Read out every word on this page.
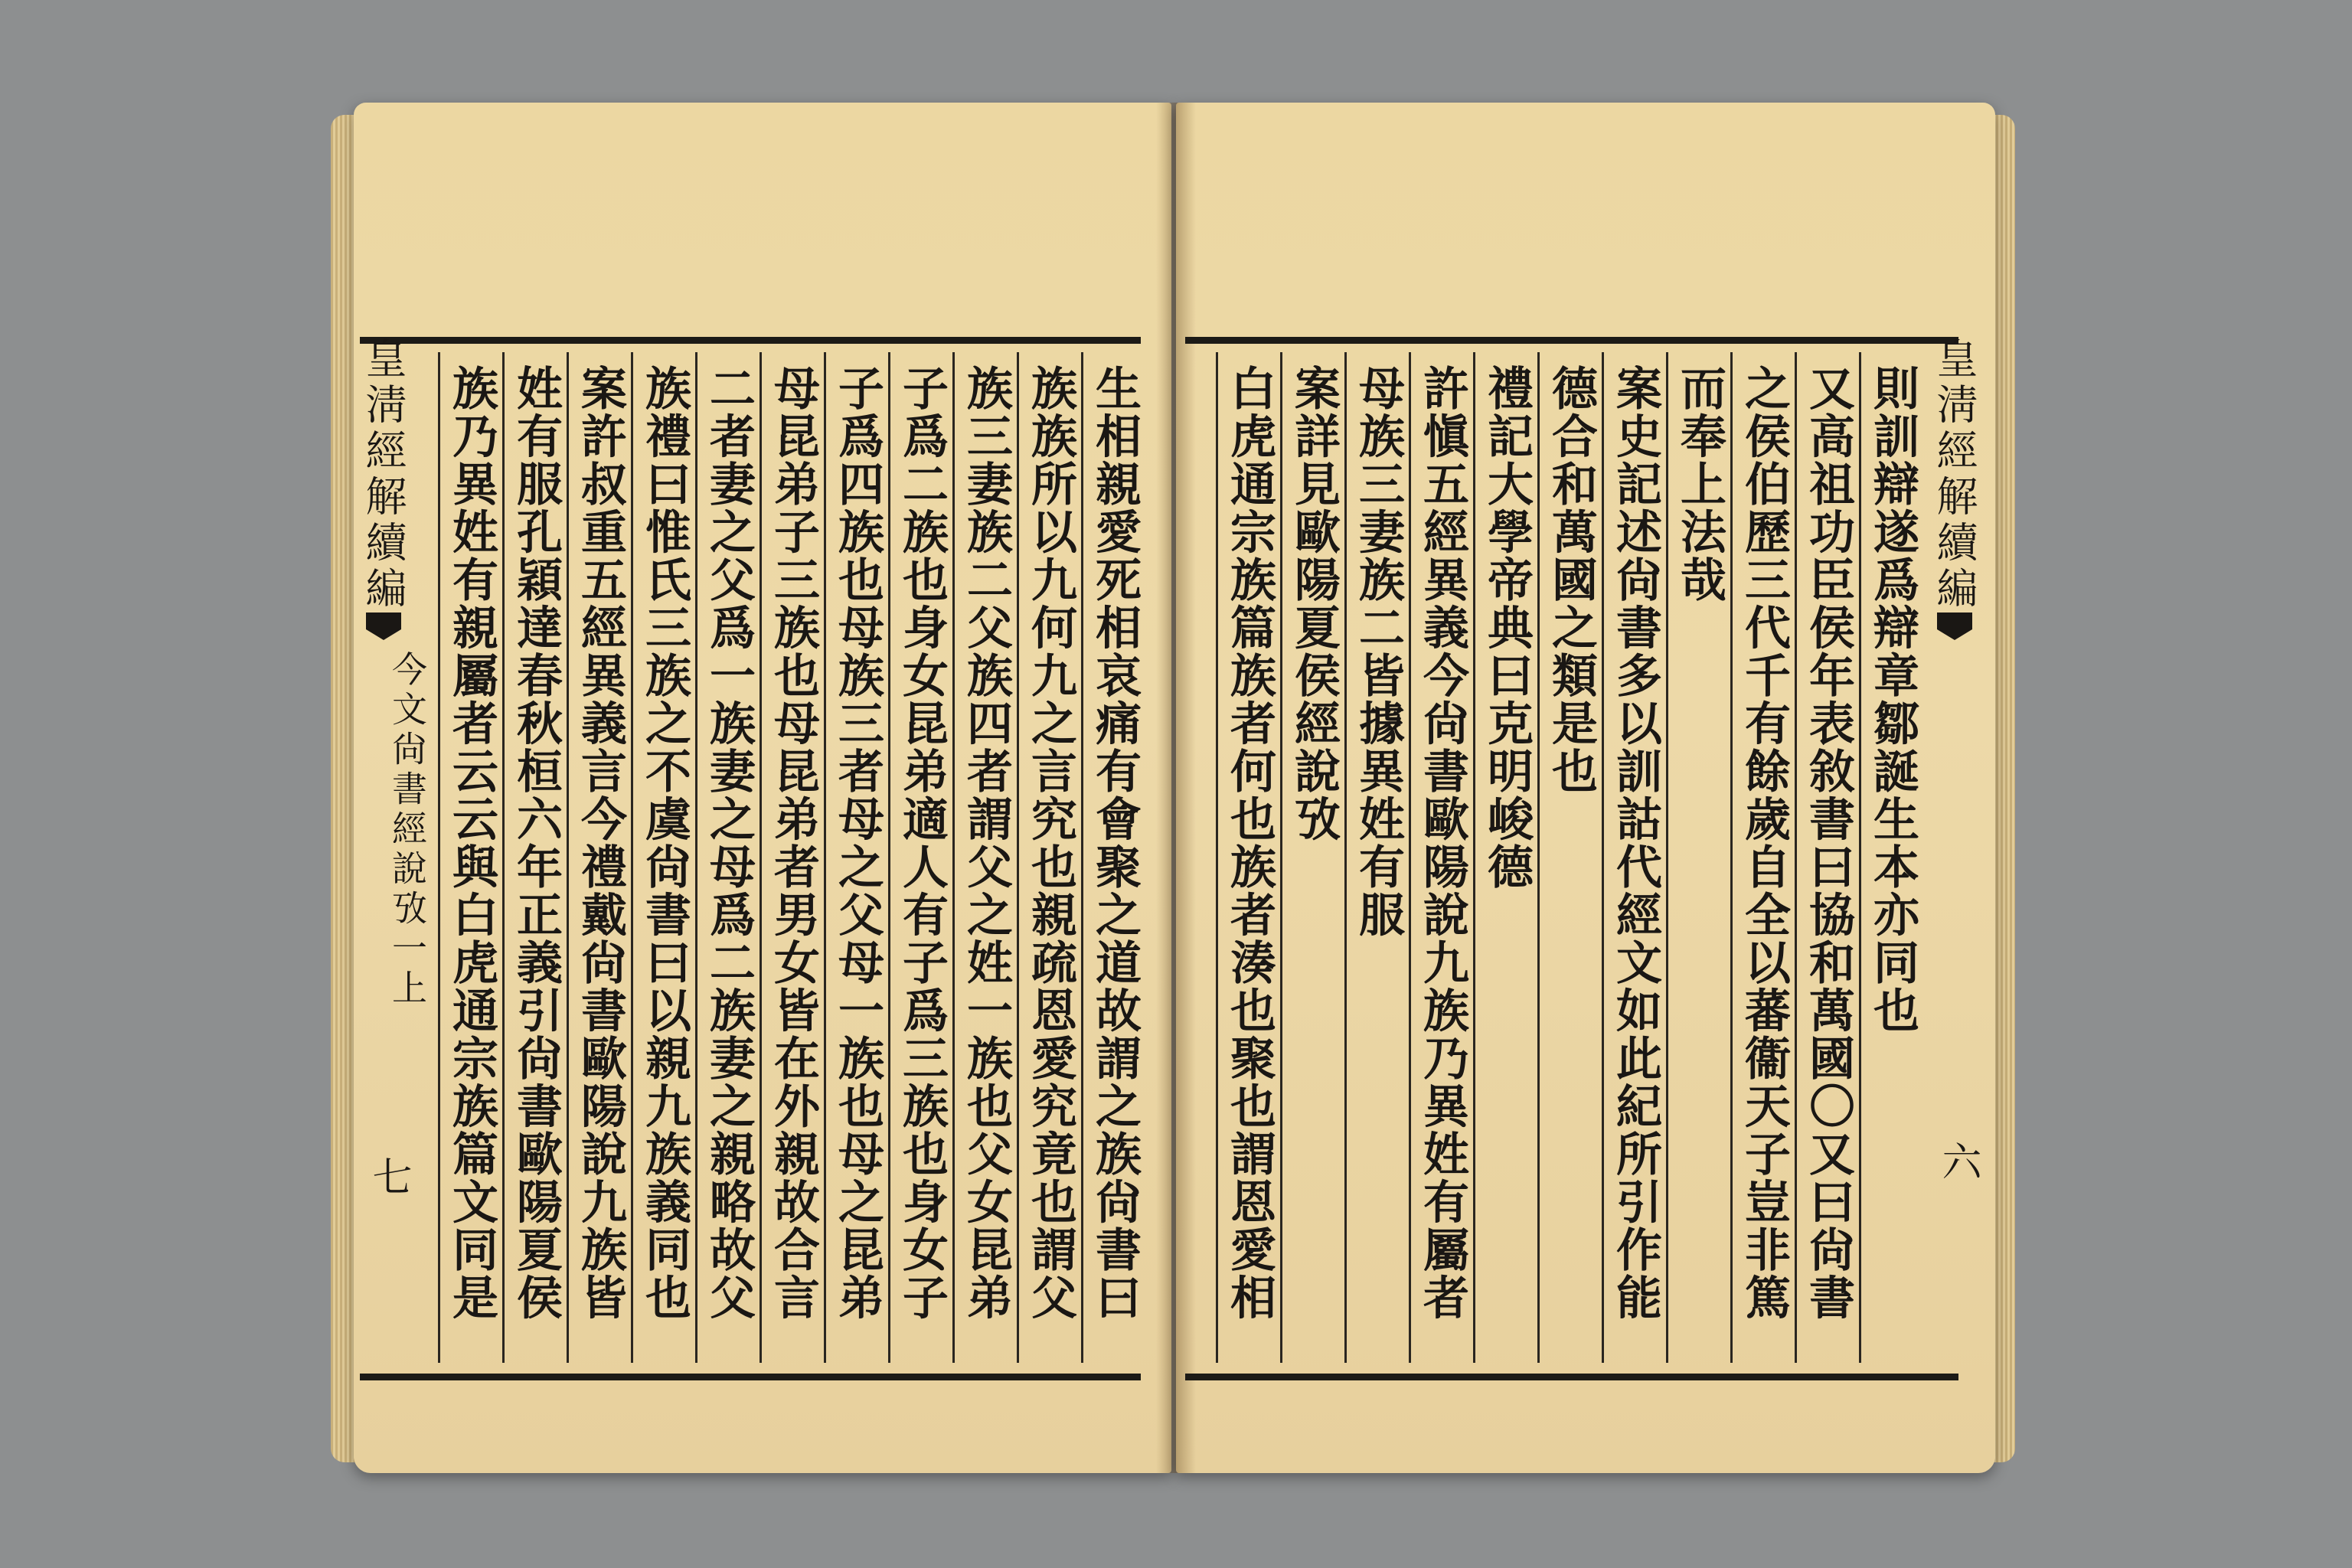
皇淸經解續編
今文尙書經說攷一上
七
皇淸經解續編
六
生相親愛死相哀痛有會聚之道故謂之族尙書曰
族族所以九何九之言究也親疏恩愛究竟也謂父
族三妻族二父族四者謂父之姓一族也父女昆弟
子爲二族也身女昆弟適人有子爲三族也身女子
子爲四族也母族三者母之父母一族也母之昆弟
母昆弟子三族也母昆弟者男女皆在外親故合言
二者妻之父爲一族妻之母爲二族妻之親略故父
族禮曰惟氏三族之不虞尙書曰以親九族義同也
案許叔重五經異義言今禮戴尙書歐陽說九族皆
姓有服孔穎達春秋桓六年正義引尙書歐陽夏侯
族乃異姓有親屬者云云與白虎通宗族篇文同是
則訓辯遂爲辯章鄒誕生本亦同也
又高祖功臣侯年表敘書曰協和萬國〇又曰尙書
之侯伯歷三代千有餘歲自全以蕃衞天子豈非篤
而奉上法哉
案史記述尙書多以訓詁代經文如此紀所引作能
德合和萬國之類是也
禮記大學帝典曰克明峻德
許愼五經異義今尙書歐陽說九族乃異姓有屬者
母族三妻族二皆據異姓有服
案詳見歐陽夏侯經說攷
白虎通宗族篇族者何也族者湊也聚也謂恩愛相
